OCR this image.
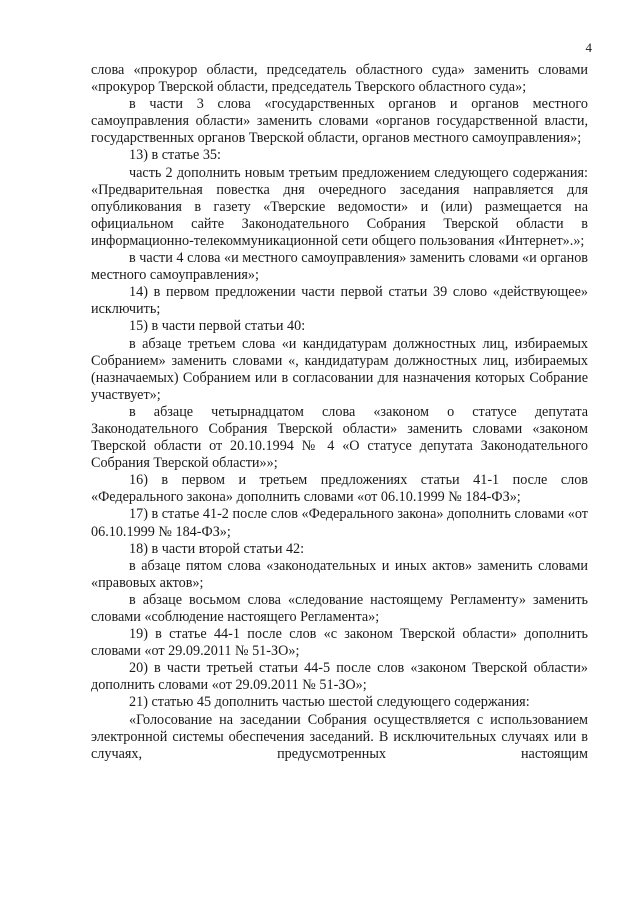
4

слова «прокурор области, председатель областного суда» заменить словами «прокурор Тверской области, председатель Тверского областного суда»;

в части 3 слова «государственных органов и органов местного самоуправления области» заменить словами «органов государственной власти, государственных органов Тверской области, органов местного самоуправления»;

13) в статье 35:

часть 2 дополнить новым третьим предложением следующего содержания: «Предварительная повестка дня очередного заседания направляется для опубликования в газету «Тверские ведомости» и (или) размещается на официальном сайте Законодательного Собрания Тверской области в информационно-телекоммуникационной сети общего пользования «Интернет».»;

в части 4 слова «и местного самоуправления» заменить словами «и органов местного самоуправления»;

14) в первом предложении части первой статьи 39 слово «действующее» исключить;

15) в части первой статьи 40:

в абзаце третьем слова «и кандидатурам должностных лиц, избираемых Собранием» заменить словами «, кандидатурам должностных лиц, избираемых (назначаемых) Собранием или в согласовании для назначения которых Собрание участвует»;

в абзаце четырнадцатом слова «законом о статусе депутата Законодательного Собрания Тверской области» заменить словами «законом Тверской области от 20.10.1994 № 4 «О статусе депутата Законодательного Собрания Тверской области»»;

16) в первом и третьем предложениях статьи 41-1 после слов «Федерального закона» дополнить словами «от 06.10.1999 № 184-ФЗ»;

17) в статье 41-2 после слов «Федерального закона» дополнить словами «от 06.10.1999 № 184-ФЗ»;

18) в части второй статьи 42:

в абзаце пятом слова «законодательных и иных актов» заменить словами «правовых актов»;

в абзаце восьмом слова «следование настоящему Регламенту» заменить словами «соблюдение настоящего Регламента»;

19) в статье 44-1 после слов «с законом Тверской области» дополнить словами «от 29.09.2011 № 51-ЗО»;

20) в части третьей статьи 44-5 после слов «законом Тверской области» дополнить словами «от 29.09.2011 № 51-ЗО»;

21) статью 45 дополнить частью шестой следующего содержания:

«Голосование на заседании Собрания осуществляется с использованием электронной системы обеспечения заседаний. В исключительных случаях или в случаях, предусмотренных настоящим
